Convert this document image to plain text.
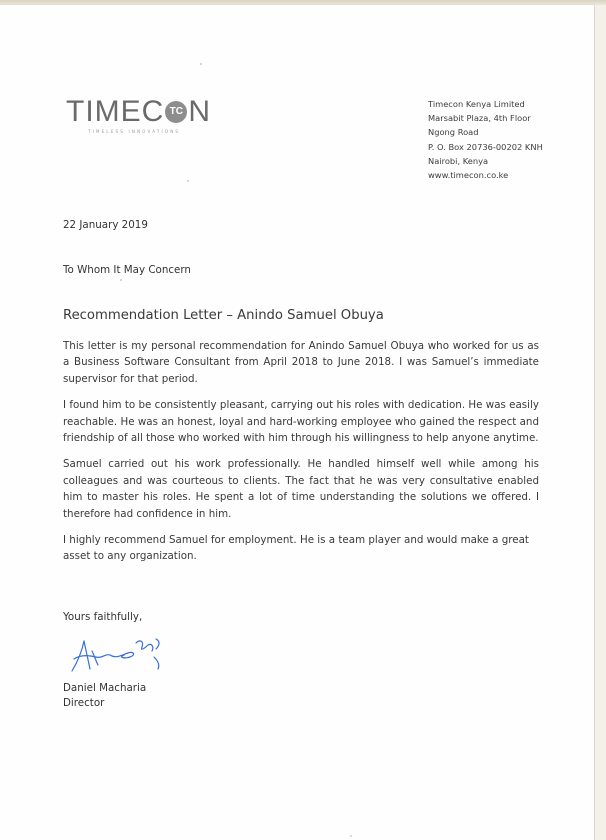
TIMEC TC N
TIMELESS INNOVATIONS
Timecon Kenya Limited
Marsabit Plaza, 4th Floor
Ngong Road
P. O. Box 20736-00202 KNH
Nairobi, Kenya
www.timecon.co.ke
22 January 2019
To Whom It May Concern
Recommendation Letter – Anindo Samuel Obuya

This letter is my personal recommendation for Anindo Samuel Obuya who worked for us as a Business Software Consultant from April 2018 to June 2018. I was Samuel’s immediate supervisor for that period.

I found him to be consistently pleasant, carrying out his roles with dedication. He was easily reachable. He was an honest, loyal and hard-working employee who gained the respect and friendship of all those who worked with him through his willingness to help anyone anytime.

Samuel carried out his work professionally. He handled himself well while among his colleagues and was courteous to clients. The fact that he was very consultative enabled him to master his roles. He spent a lot of time understanding the solutions we offered. I therefore had confidence in him.

I highly recommend Samuel for employment. He is a team player and would make a great asset to any organization.

Yours faithfully,
Daniel Macharia
Director
